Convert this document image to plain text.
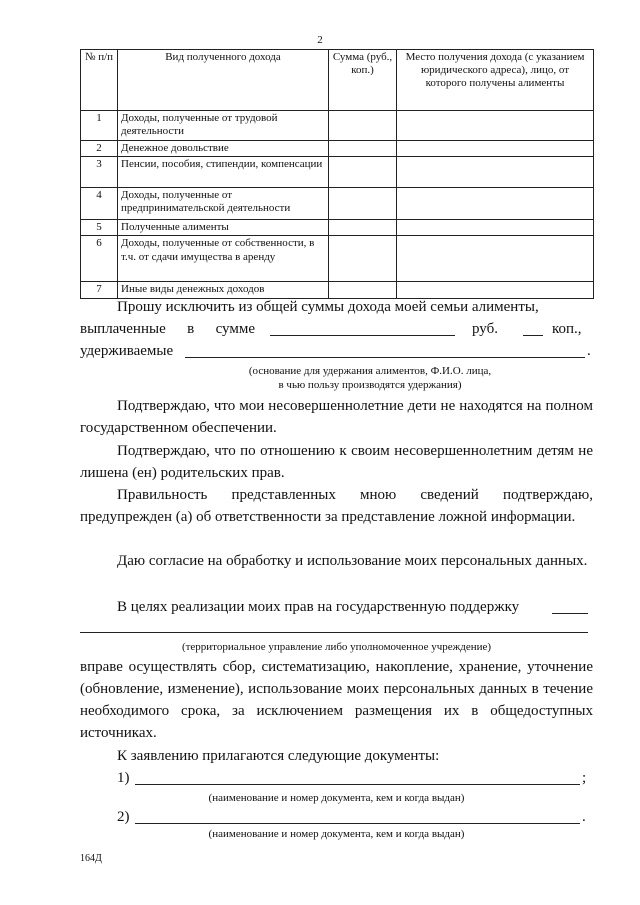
2
№ п/п	Вид полученного дохода	Сумма (руб., коп.)	Место получения дохода (с указанием юридического адреса), лицо, от которого получены алименты
1	Доходы, полученные от трудовой деятельности		
2	Денежное довольствие		
3	Пенсии, пособия, стипендии, компенсации		
4	Доходы, полученные от предпринимательской деятельности		
5	Полученные алименты		
6	Доходы, полученные от собственности, в т.ч. от сдачи имущества в аренду		
7	Иные виды денежных доходов		
Прошу исключить из общей суммы дохода моей семьи алименты,
выплаченные в сумме	руб.	коп.,
удерживаемые	.
(основание для удержания алиментов, Ф.И.О. лица,
в чью пользу производятся удержания)
Подтверждаю, что мои несовершеннолетние дети не находятся на полном государственном обеспечении.
Подтверждаю, что по отношению к своим несовершеннолетним детям не лишена (ен) родительских прав.
Правильность представленных мною сведений подтверждаю, предупрежден (а) об ответственности за представление ложной информации.
Даю согласие на обработку и использование моих персональных данных.
В целях реализации моих прав на государственную поддержку
(территориальное управление либо уполномоченное учреждение)
вправе осуществлять сбор, систематизацию, накопление, хранение, уточнение (обновление, изменение), использование моих персональных данных в течение необходимого срока, за исключением размещения их в общедоступных источниках.
К заявлению прилагаются следующие документы:
1)	;
(наименование и номер документа, кем и когда выдан)
2)	.
(наименование и номер документа, кем и когда выдан)
164Д
